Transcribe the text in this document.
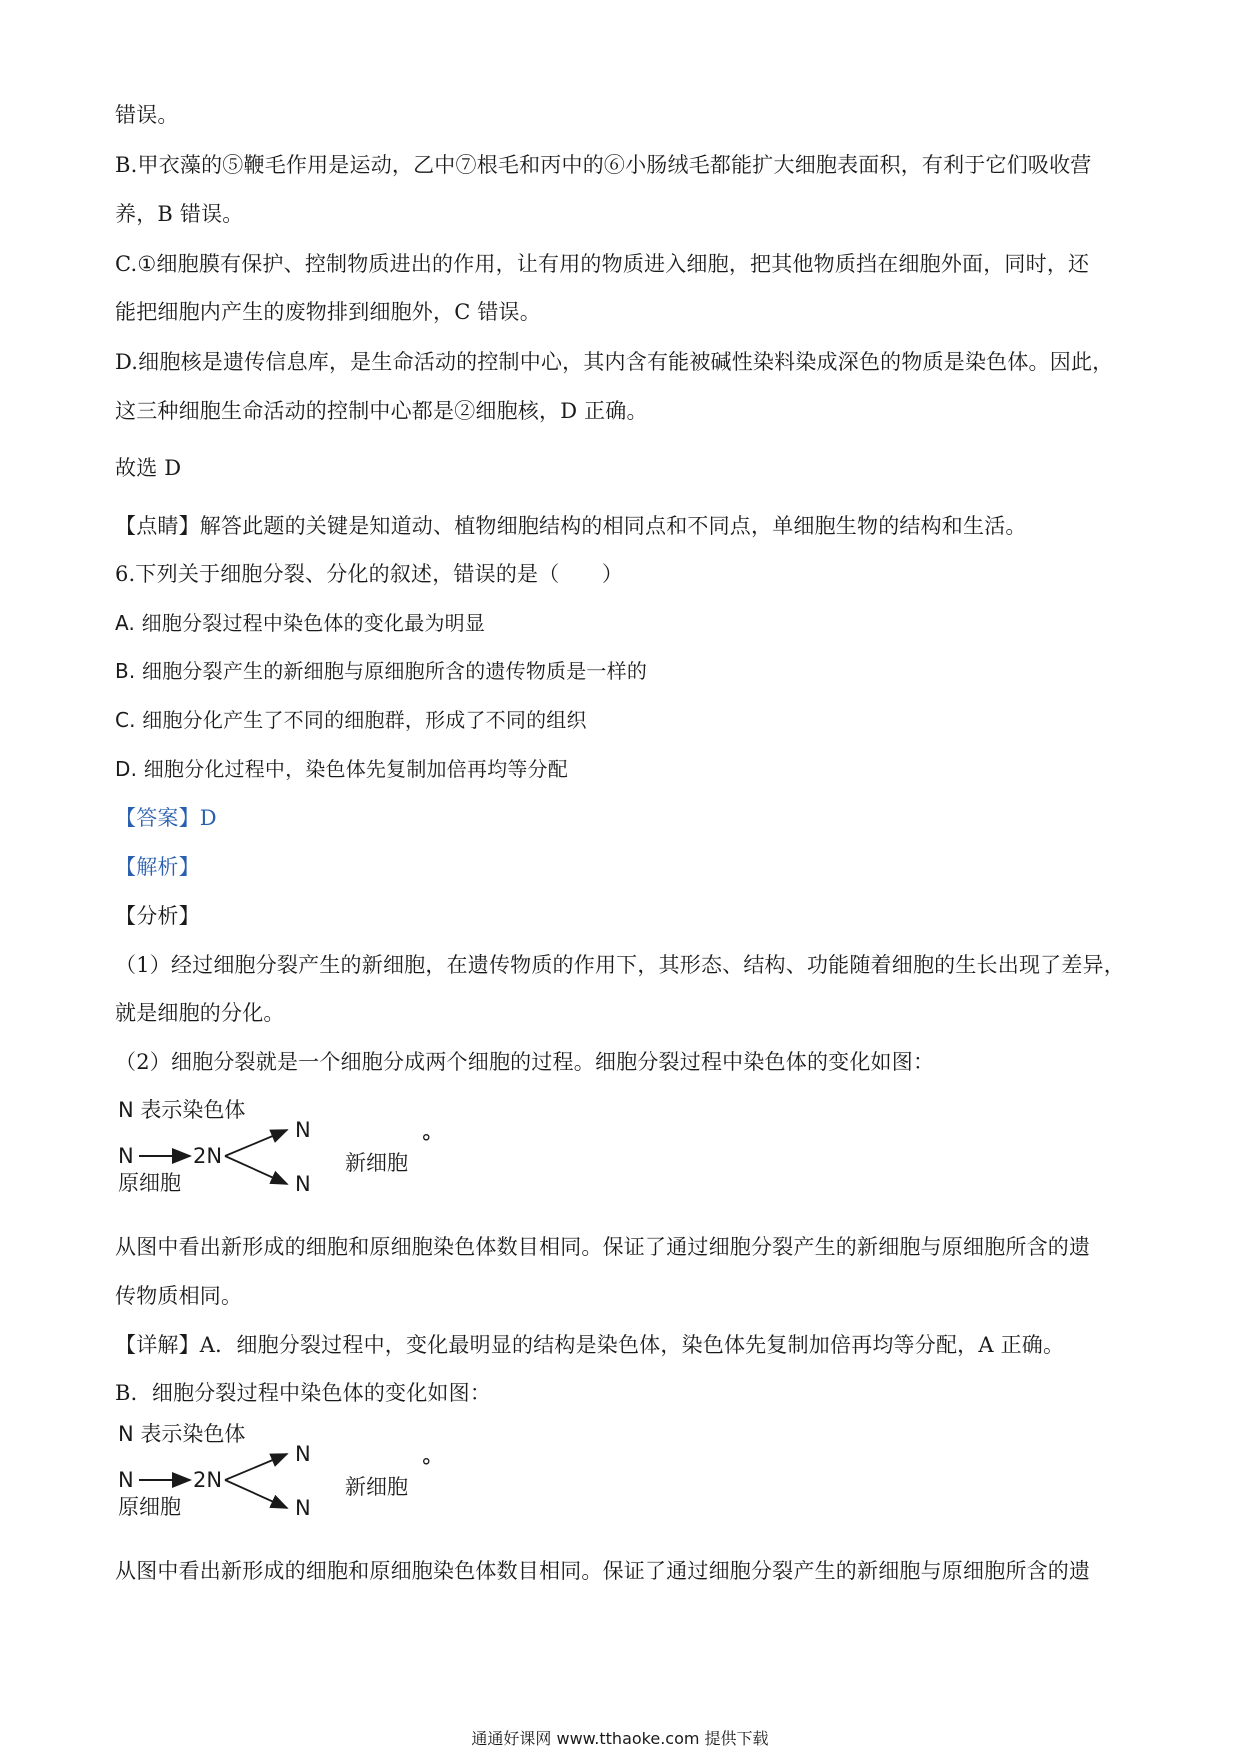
错误。
B.甲衣藻的⑤鞭毛作用是运动，乙中⑦根毛和丙中的⑥小肠绒毛都能扩大细胞表面积，有利于它们吸收营
养，B 错误。
C.①细胞膜有保护、控制物质进出的作用，让有用的物质进入细胞，把其他物质挡在细胞外面，同时，还
能把细胞内产生的废物排到细胞外，C 错误。
D.细胞核是遗传信息库，是生命活动的控制中心，其内含有能被碱性染料染成深色的物质是染色体。因此，
这三种细胞生命活动的控制中心都是②细胞核，D 正确。
故选 D
【点睛】解答此题的关键是知道动、植物细胞结构的相同点和不同点，单细胞生物的结构和生活。
6.下列关于细胞分裂、分化的叙述，错误的是（　　）
A. 细胞分裂过程中染色体的变化最为明显
B. 细胞分裂产生的新细胞与原细胞所含的遗传物质是一样的
C. 细胞分化产生了不同的细胞群，形成了不同的组织
D. 细胞分化过程中，染色体先复制加倍再均等分配
【答案】D
【解析】
【分析】
（1）经过细胞分裂产生的新细胞，在遗传物质的作用下，其形态、结构、功能随着细胞的生长出现了差异，
就是细胞的分化。
（2）细胞分裂就是一个细胞分成两个细胞的过程。细胞分裂过程中染色体的变化如图：
N 表示染色体
N	2N
N
N
原细胞
新细胞
°
从图中看出新形成的细胞和原细胞染色体数目相同。保证了通过细胞分裂产生的新细胞与原细胞所含的遗
传物质相同。
【详解】A．细胞分裂过程中，变化最明显的结构是染色体，染色体先复制加倍再均等分配，A 正确。
B．细胞分裂过程中染色体的变化如图：
N 表示染色体
N	2N
N
N
原细胞
新细胞
°
从图中看出新形成的细胞和原细胞染色体数目相同。保证了通过细胞分裂产生的新细胞与原细胞所含的遗
通通好课网 www.tthaoke.com 提供下载
